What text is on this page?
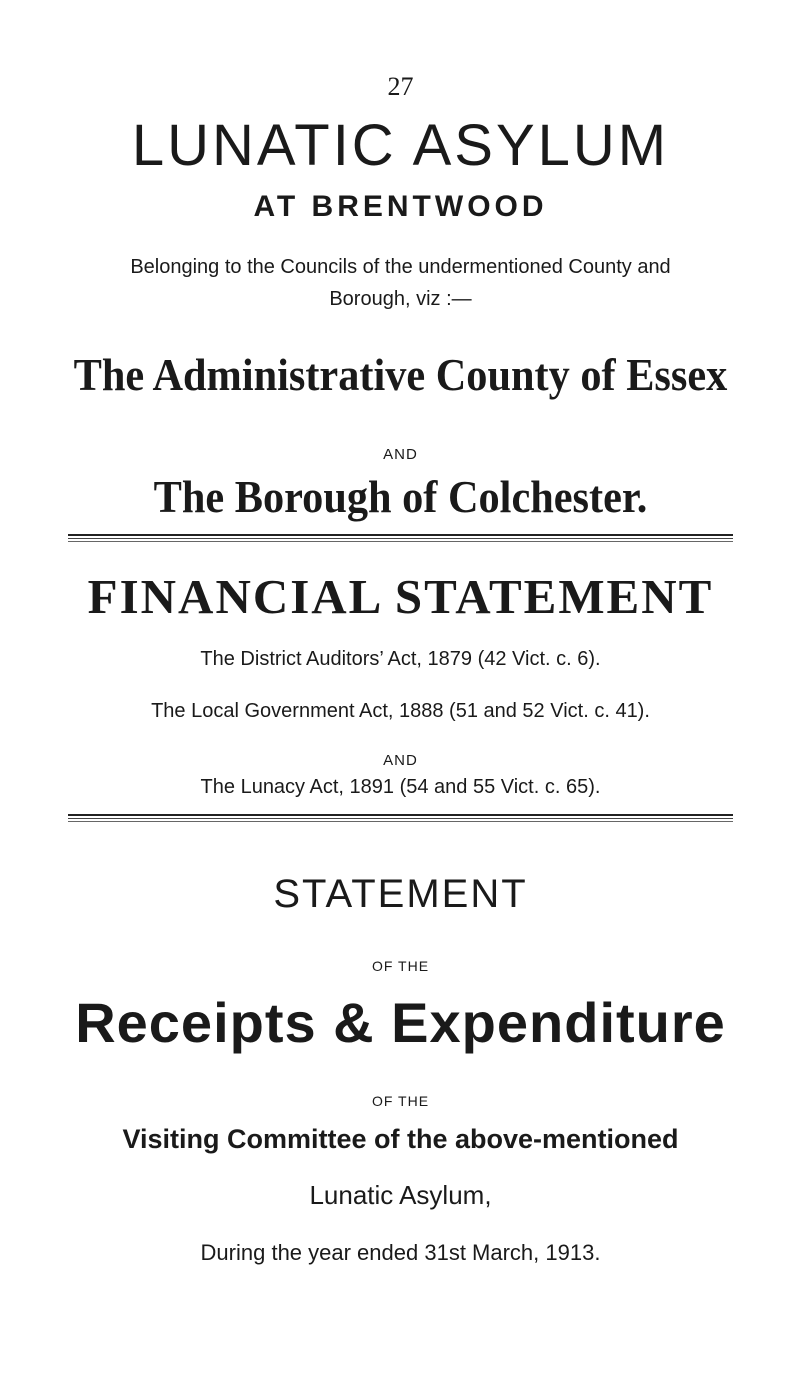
27
LUNATIC ASYLUM
AT BRENTWOOD
Belonging to the Councils of the undermentioned County and
Borough, viz :—
The Administrative County of Essex
AND
The Borough of Colchester.
FINANCIAL STATEMENT
The District Auditors’ Act, 1879 (42 Vict. c. 6).
The Local Government Act, 1888 (51 and 52 Vict. c. 41).
AND
The Lunacy Act, 1891 (54 and 55 Vict. c. 65).
STATEMENT
OF THE
Receipts & Expenditure
OF THE
Visiting Committee of the above-mentioned
Lunatic Asylum,
During the year ended 31st March, 1913.
